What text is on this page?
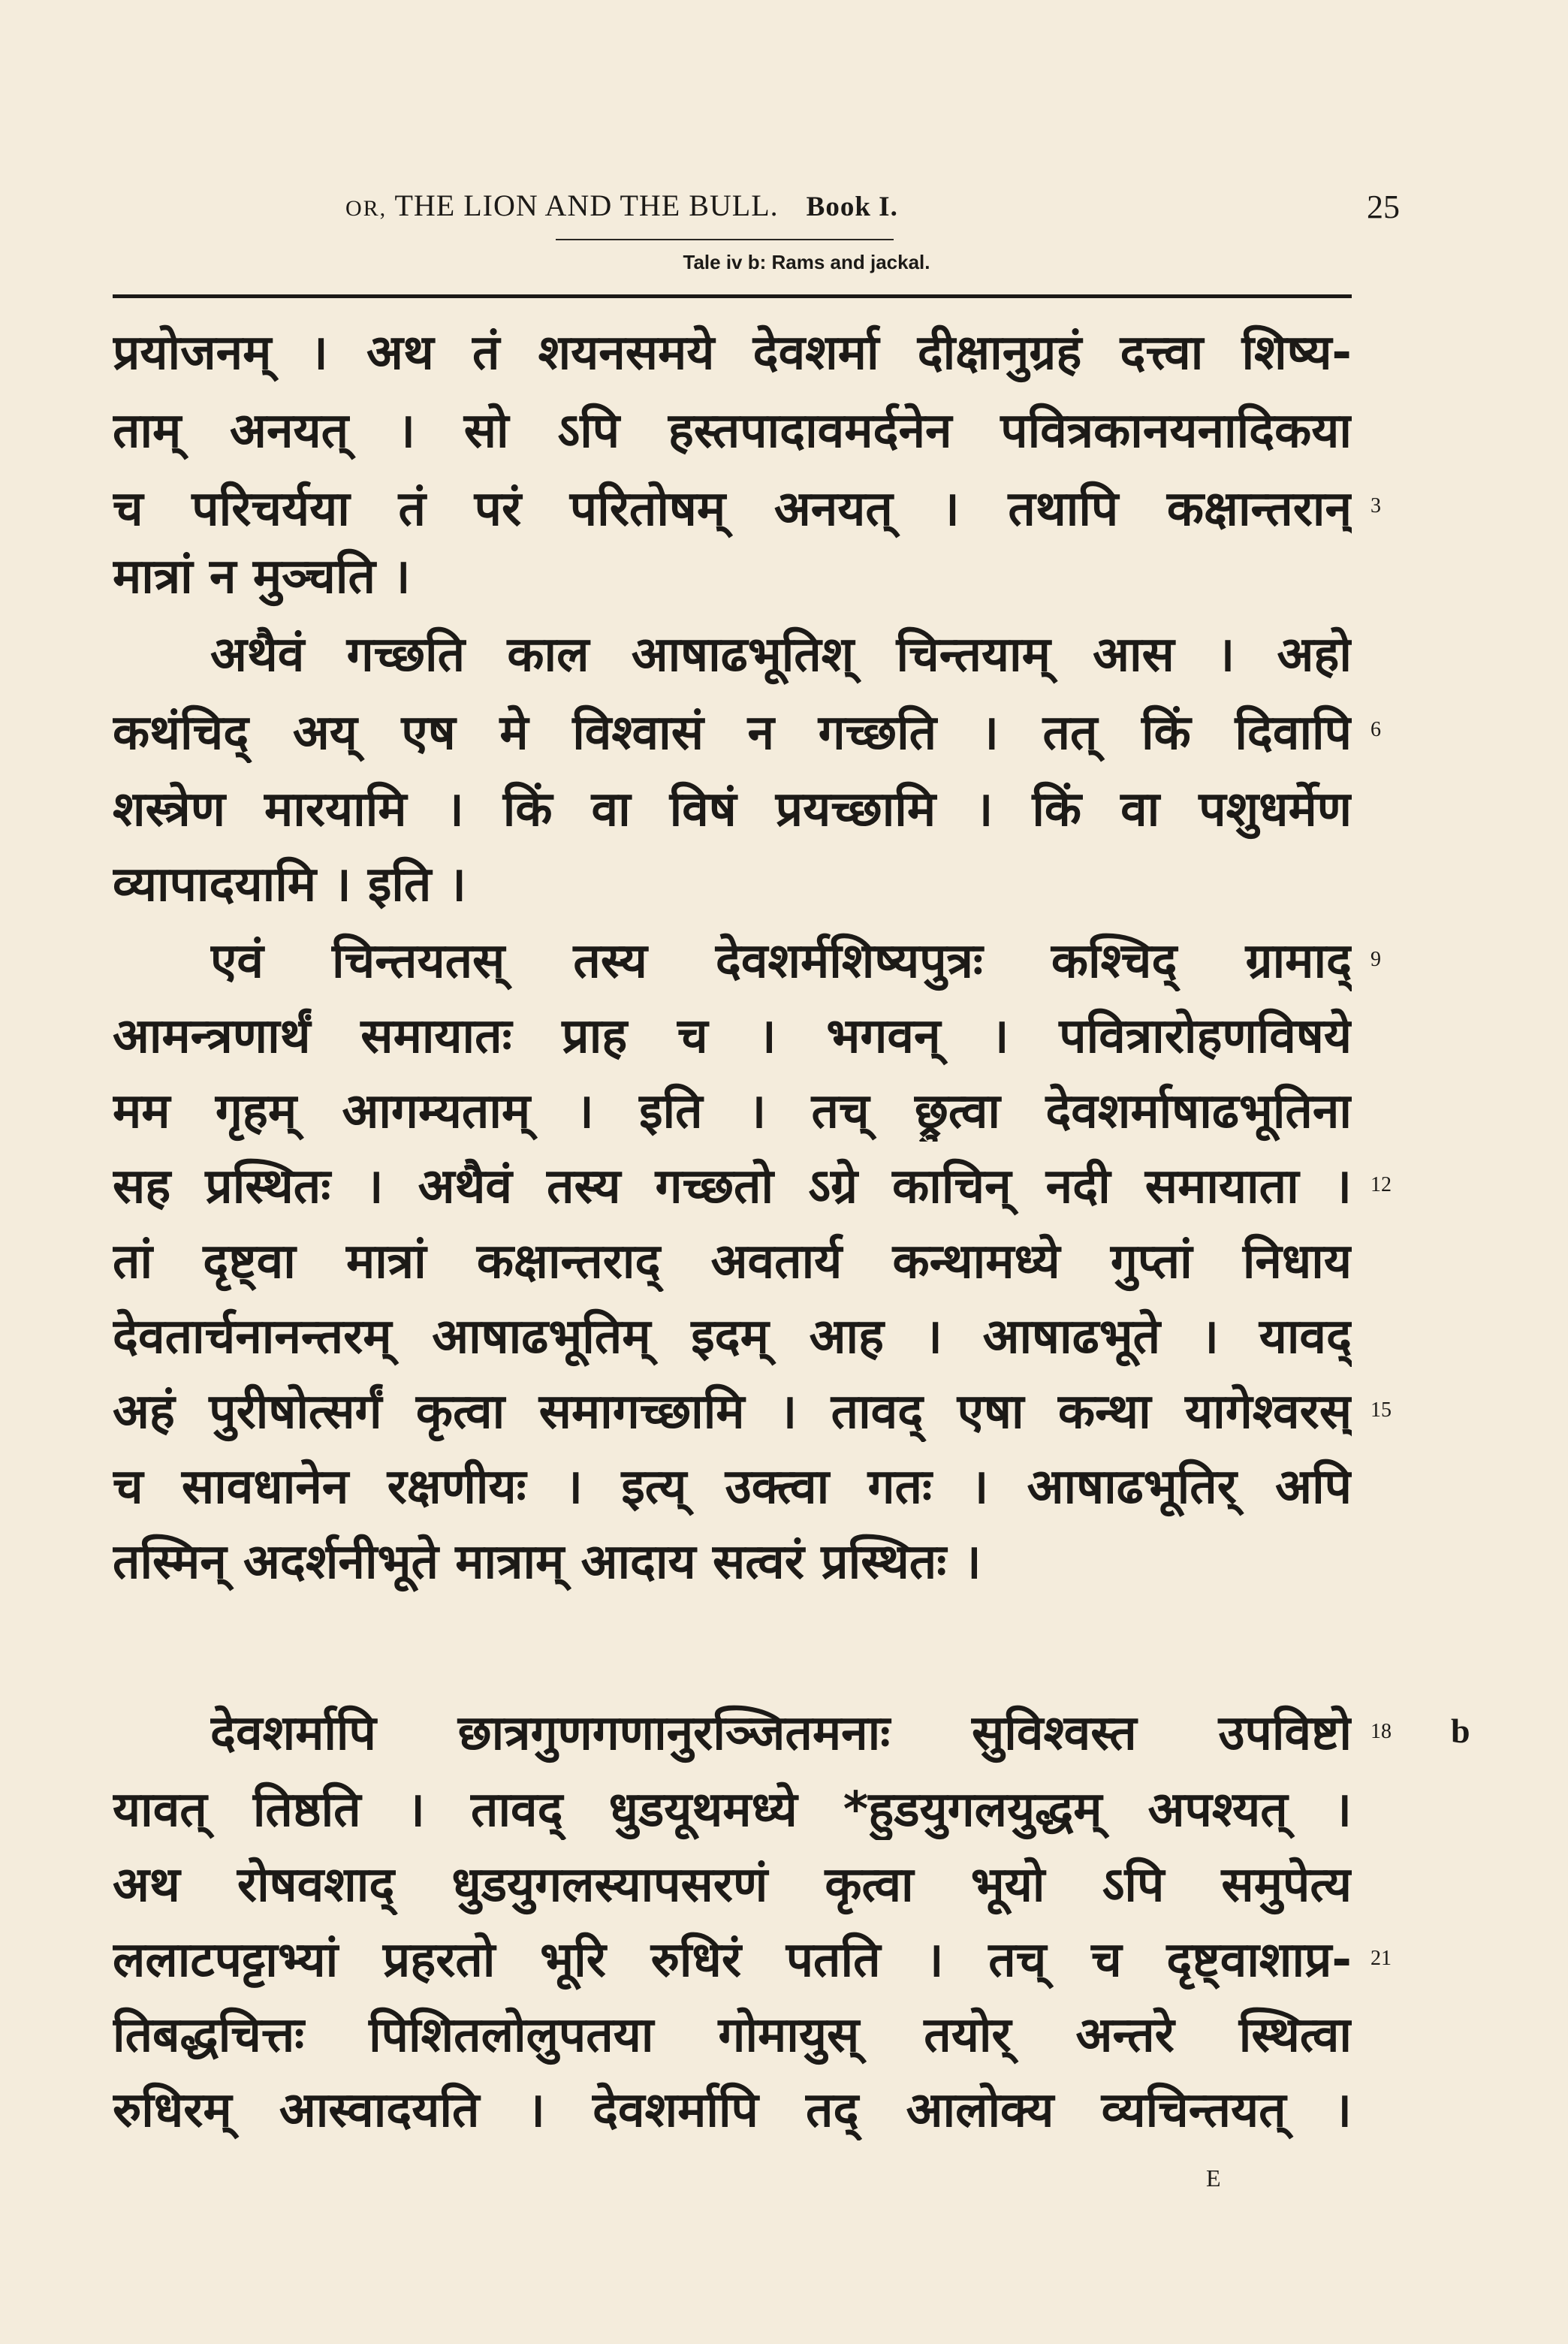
OR, THE LION AND THE BULL. Book I.	25
Tale iv b: Rams and jackal.
प्रयोजनम् । अथ तं शयनसमये देवशर्मा दीक्षानुग्रहं दत्त्वा शिष्य-
ताम् अनयत् । सो ऽपि हस्तपादावमर्दनेन पवित्रकानयनादिकया
च परिचर्यया तं परं परितोषम् अनयत् । तथापि कक्षान्तरान् 3
मात्रां न मुञ्चति ।
अथैवं गच्छति काल आषाढभूतिश् चिन्तयाम् आस । अहो
कथंचिद् अय् एष मे विश्वासं न गच्छति । तत् किं दिवापि 6
शस्त्रेण मारयामि । किं वा विषं प्रयच्छामि । किं वा पशुधर्मेण
व्यापादयामि । इति ।
एवं चिन्तयतस् तस्य देवशर्मशिष्यपुत्रः कश्चिद् ग्रामाद् 9
आमन्त्रणार्थं समायातः प्राह च । भगवन् । पवित्रारोहणविषये
मम गृहम् आगम्यताम् । इति । तच् छ्रुत्वा देवशर्माषाढभूतिना
सह प्रस्थितः । अथैवं तस्य गच्छतो ऽग्रे काचिन् नदी समायाता । 12
तां दृष्ट्वा मात्रां कक्षान्तराद् अवतार्य कन्थामध्ये गुप्तां निधाय
देवतार्चनानन्तरम् आषाढभूतिम् इदम् आह । आषाढभूते । यावद्
अहं पुरीषोत्सर्गं कृत्वा समागच्छामि । तावद् एषा कन्था यागेश्वरस् 15
च सावधानेन रक्षणीयः । इत्य् उक्त्वा गतः । आषाढभूतिर् अपि
तस्मिन् अदर्शनीभूते मात्राम् आदाय सत्वरं प्रस्थितः ।
देवशर्मापि छात्रगुणगणानुरञ्जितमनाः सुविश्वस्त उपविष्टो 18 b
यावत् तिष्ठति । तावद् धुडयूथमध्ये *हुडयुगलयुद्धम् अपश्यत् ।
अथ रोषवशाद् धुडयुगलस्यापसरणं कृत्वा भूयो ऽपि समुपेत्य
ललाटपट्टाभ्यां प्रहरतो भूरि रुधिरं पतति । तच् च दृष्ट्वाशाप्र- 21
तिबद्धचित्तः पिशितलोलुपतया गोमायुस् तयोर् अन्तरे स्थित्वा
रुधिरम् आस्वादयति । देवशर्मापि तद् आलोक्य व्यचिन्तयत् ।
E
